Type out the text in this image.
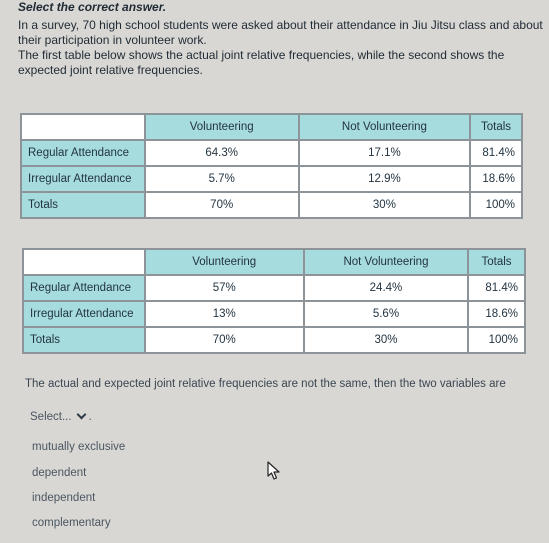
Select the correct answer.

In a survey, 70 high school students were asked about their attendance in Jiu Jitsu class and about their participation in volunteer work.

The first table below shows the actual joint relative frequencies, while the second shows the expected joint relative frequencies.

	Volunteering	Not Volunteering	Totals
Regular Attendance	64.3%	17.1%	81.4%
Irregular Attendance	5.7%	12.9%	18.6%
Totals	70%	30%	100%
	Volunteering	Not Volunteering	Totals
Regular Attendance	57%	24.4%	81.4%
Irregular Attendance	13%	5.6%	18.6%
Totals	70%	30%	100%
The actual and expected joint relative frequencies are not the same, then the two variables are
Select... .
mutually exclusive
dependent
independent
complementary
